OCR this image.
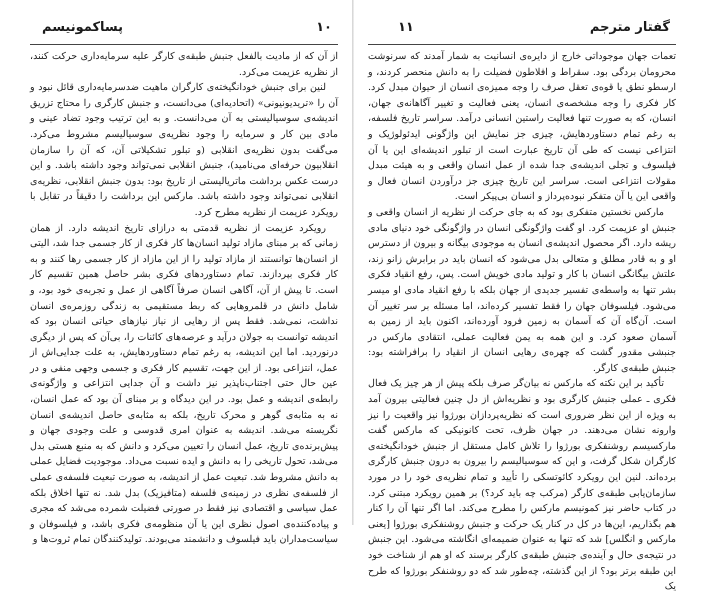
۱۰
پساکمونیسم

از آن که از مادیت بالفعل جنبش طبقه‌ی کارگر علیه سرمایه‌داری حرکت کنند، از نظریه عزیمت می‌کرد.

لنین برای جنبش خودانگیخته‌ی کارگران ماهیت ضدسرمایه‌داری قائل نبود و آن را «تریدیونیونی» (اتحادیه‌ای) می‌دانست، و جنبش کارگری را محتاج تزریق اندیشه‌ی سوسیالیستی به آن می‌دانست. و به این ترتیب وجود تضاد عینی و مادی بین کار و سرمایه را وجود نظریه‌ی سوسیالیسم مشروط می‌کرد. می‌گفت بدون نظریه‌ی انقلابی (و تبلور تشکیلاتی آن، که آن را سازمان انقلابیون حرفه‌ای می‌نامید)، جنبش انقلابی نمی‌تواند وجود داشته باشد. و این درست عکس برداشت ماتریالیستی از تاریخ بود: بدون جنبش انقلابی، نظریه‌ی انقلابی نمی‌تواند وجود داشته باشد. مارکس این برداشت را دقیقاً در تقابل با رویکرد عزیمت از نظریه مطرح کرد.

رویکرد عزیمت از نظریه قدمتی به درازای تاریخ اندیشه دارد. از همان زمانی که بر مبنای مازاد تولید انسان‌ها کار فکری از کار جسمی جدا شد، الیتی از انسان‌ها توانستند از مازاد تولید را از این مازاد از کار جسمی رها کنند و به کار فکری بپردازند. تمام دستاوردهای فکری بشر حاصل همین تقسیم کار است. تا پیش از آن، آگاهی انسان صرفاً آگاهی از عمل و تجربه‌ی خود بود، و شامل دانش در قلمروهایی که ربط مستقیمی به زندگی روزمره‌ی انسان نداشت، نمی‌شد. فقط پس از رهایی از نیاز نیازهای حیاتی انسان بود که اندیشه توانست به جولان درآید و عرصه‌های کائنات را، بی‌آن که پس از دیگری درنوردید. اما این اندیشه، به رغم تمام دستاوردهایش، به علت جدایی‌اش از عمل، انتزاعی بود. از این جهت، تقسیم کار فکری و جسمی وجهی منفی و در عین حال حتی اجتناب‌ناپذیر نیز داشت و آن جدایی انتزاعی و واژگونه‌ی رابطه‌ی اندیشه و عمل بود. در این دیدگاه و بر مبنای آن بود که عمل انسان، نه به مثابه‌ی گوهر و محرک تاریخ، بلکه به مثابه‌ی حاصل اندیشه‌ی انسان نگریسته می‌شد. اندیشه به عنوان امری قدوسی و علت وجودی جهان و پیش‌برنده‌ی تاریخ، عمل انسان را تعیین می‌کرد و دانش که به منبع هستی بدل می‌شد، تحول تاریخی را به دانش و ایده نسبت می‌داد. موجودیت فضایل عملی به دانش مشروط شد. تبعیت عمل از اندیشه، به صورت تبعیت فلسفه‌ی عملی از فلسفه‌ی نظری در زمینه‌ی فلسفه (متافیزیک) بدل شد. نه تنها اخلاق بلکه عمل سیاسی و اقتصادی نیز فقط در صورتی فضیلت شمرده می‌شد که مجری و پیاده‌کننده‌ی اصول نظری این یا آن منظومه‌ی فکری باشد، و فیلسوفان و سیاست‌مداران باید فیلسوف و دانشمند می‌بودند. تولیدکنندگان تمام ثروت‌ها و

۱۱	گفتار مترجم

تعمات جهان موجوداتی خارج از دایره‌ی انسانیت به شمار آمدند که سرنوشت محرومان بردگی بود. سقراط و افلاطون فضیلت را به دانش منحصر کردند، و ارسطو نطق یا قوه‌ی تعقل صرف را وجه ممیزه‌ی انسان از حیوان مبدل کرد. کار فکری را وجه مشخصه‌ی انسان، یعنی فعالیت و تغییر آگاهانه‌ی جهان، انسان، که به صورت تنها فعالیت راستین انسانی درآمد. سراسر تاریخ فلسفه، به رغم تمام دستاوردهایش، چیزی جز نمایش این واژگونی ایدئولوژیک و انتزاعی نیست که طی آن تاریخ عبارت است از تبلور اندیشه‌ای این یا آن فیلسوف و تجلی اندیشه‌ی جدا شده از عمل انسان واقعی و به هیئت مبدل مقولات انتزاعی است. سراسر این تاریخ چیزی جز درآوردن انسان فعال و واقعی این یا آن متفکر نبوده‌پرداز و انسان بی‌پیکر است.

مارکس نخستین متفکری بود که به جای حرکت از نظریه از انسان واقعی و جنبش او عزیمت کرد. او گفت واژگونگی انسان در واژگونگی خود دنیای مادی ریشه دارد. اگر محصول اندیشه‌ی انسان به موجودی بیگانه و بیرون از دسترس او و به قادر مطلق و متعالی بدل می‌شود که انسان باید در برابرش زانو زند، علتش بیگانگی انسان با کار و تولید مادی خویش است. پس، رفع انقیاد فکری بشر تنها به واسطه‌ی تفسیر جدیدی از جهان بلکه با رفع انقیاد مادی او میسر می‌شود. فیلسوفان جهان را فقط تفسیر کرده‌اند، اما مسئله بر سر تغییر آن است. آن‌گاه آن که آسمان به زمین فرود آورده‌اند، اکنون باید از زمین به آسمان صعود کرد. و این همه به یمن فعالیت عملی، انتقادی مارکس در جنبشی مقدور گشت که چهره‌ی رهایی انسان از انقیاد را برافراشته بود: جنبش طبقه‌ی کارگر.

تأکید بر این نکته که مارکس نه بیان‌گر صرف بلکه پیش از هر چیز یک فعال فکری ـ عملی جنبش کارگری بود و نظریه‌اش از دل چنین فعالیتی بیرون آمد به ویژه از این نظر ضروری است که نظریه‌پردازان بورژوا نیز واقعیت را نیز وارونه نشان می‌دهند. در جهان ظرف، تحت کانونیکی که مارکس گفت مارکسیسم روشنفکری بورژوا را تلاش کامل مستقل از جنبش خودانگیخته‌ی کارگران شکل گرفت، و این که سوسیالیسم را بیرون به درون جنبش کارگری برده‌اند. لنین این رویکرد کائوتسکی را تأیید و تمام نظریه‌ی خود را در مورد سازمان‌یابی طبقه‌ی کارگر (مرکب چه باید کرد؟) بر همین رویکرد مبتنی کرد. در کتاب حاضر نیز کمونیسم مارکس را مطرح می‌کند. اما اگر تنها آن را کنار هم بگذاریم، این‌ها در کل در کنار یک حرکت و جنبش روشنفکری بورژوا [یعنی مارکس و انگلس] شد که تنها به عنوان ضمیمه‌ای انگاشته می‌شود. این جنبش در نتیجه‌ی حال و آینده‌ی جنبش طبقه‌ی کارگر برسند که او هم از شناخت خود این طبقه برتر بود؟ از این گذشته، چه‌طور شد که دو روشنفکر بورژوا که طرح یک
